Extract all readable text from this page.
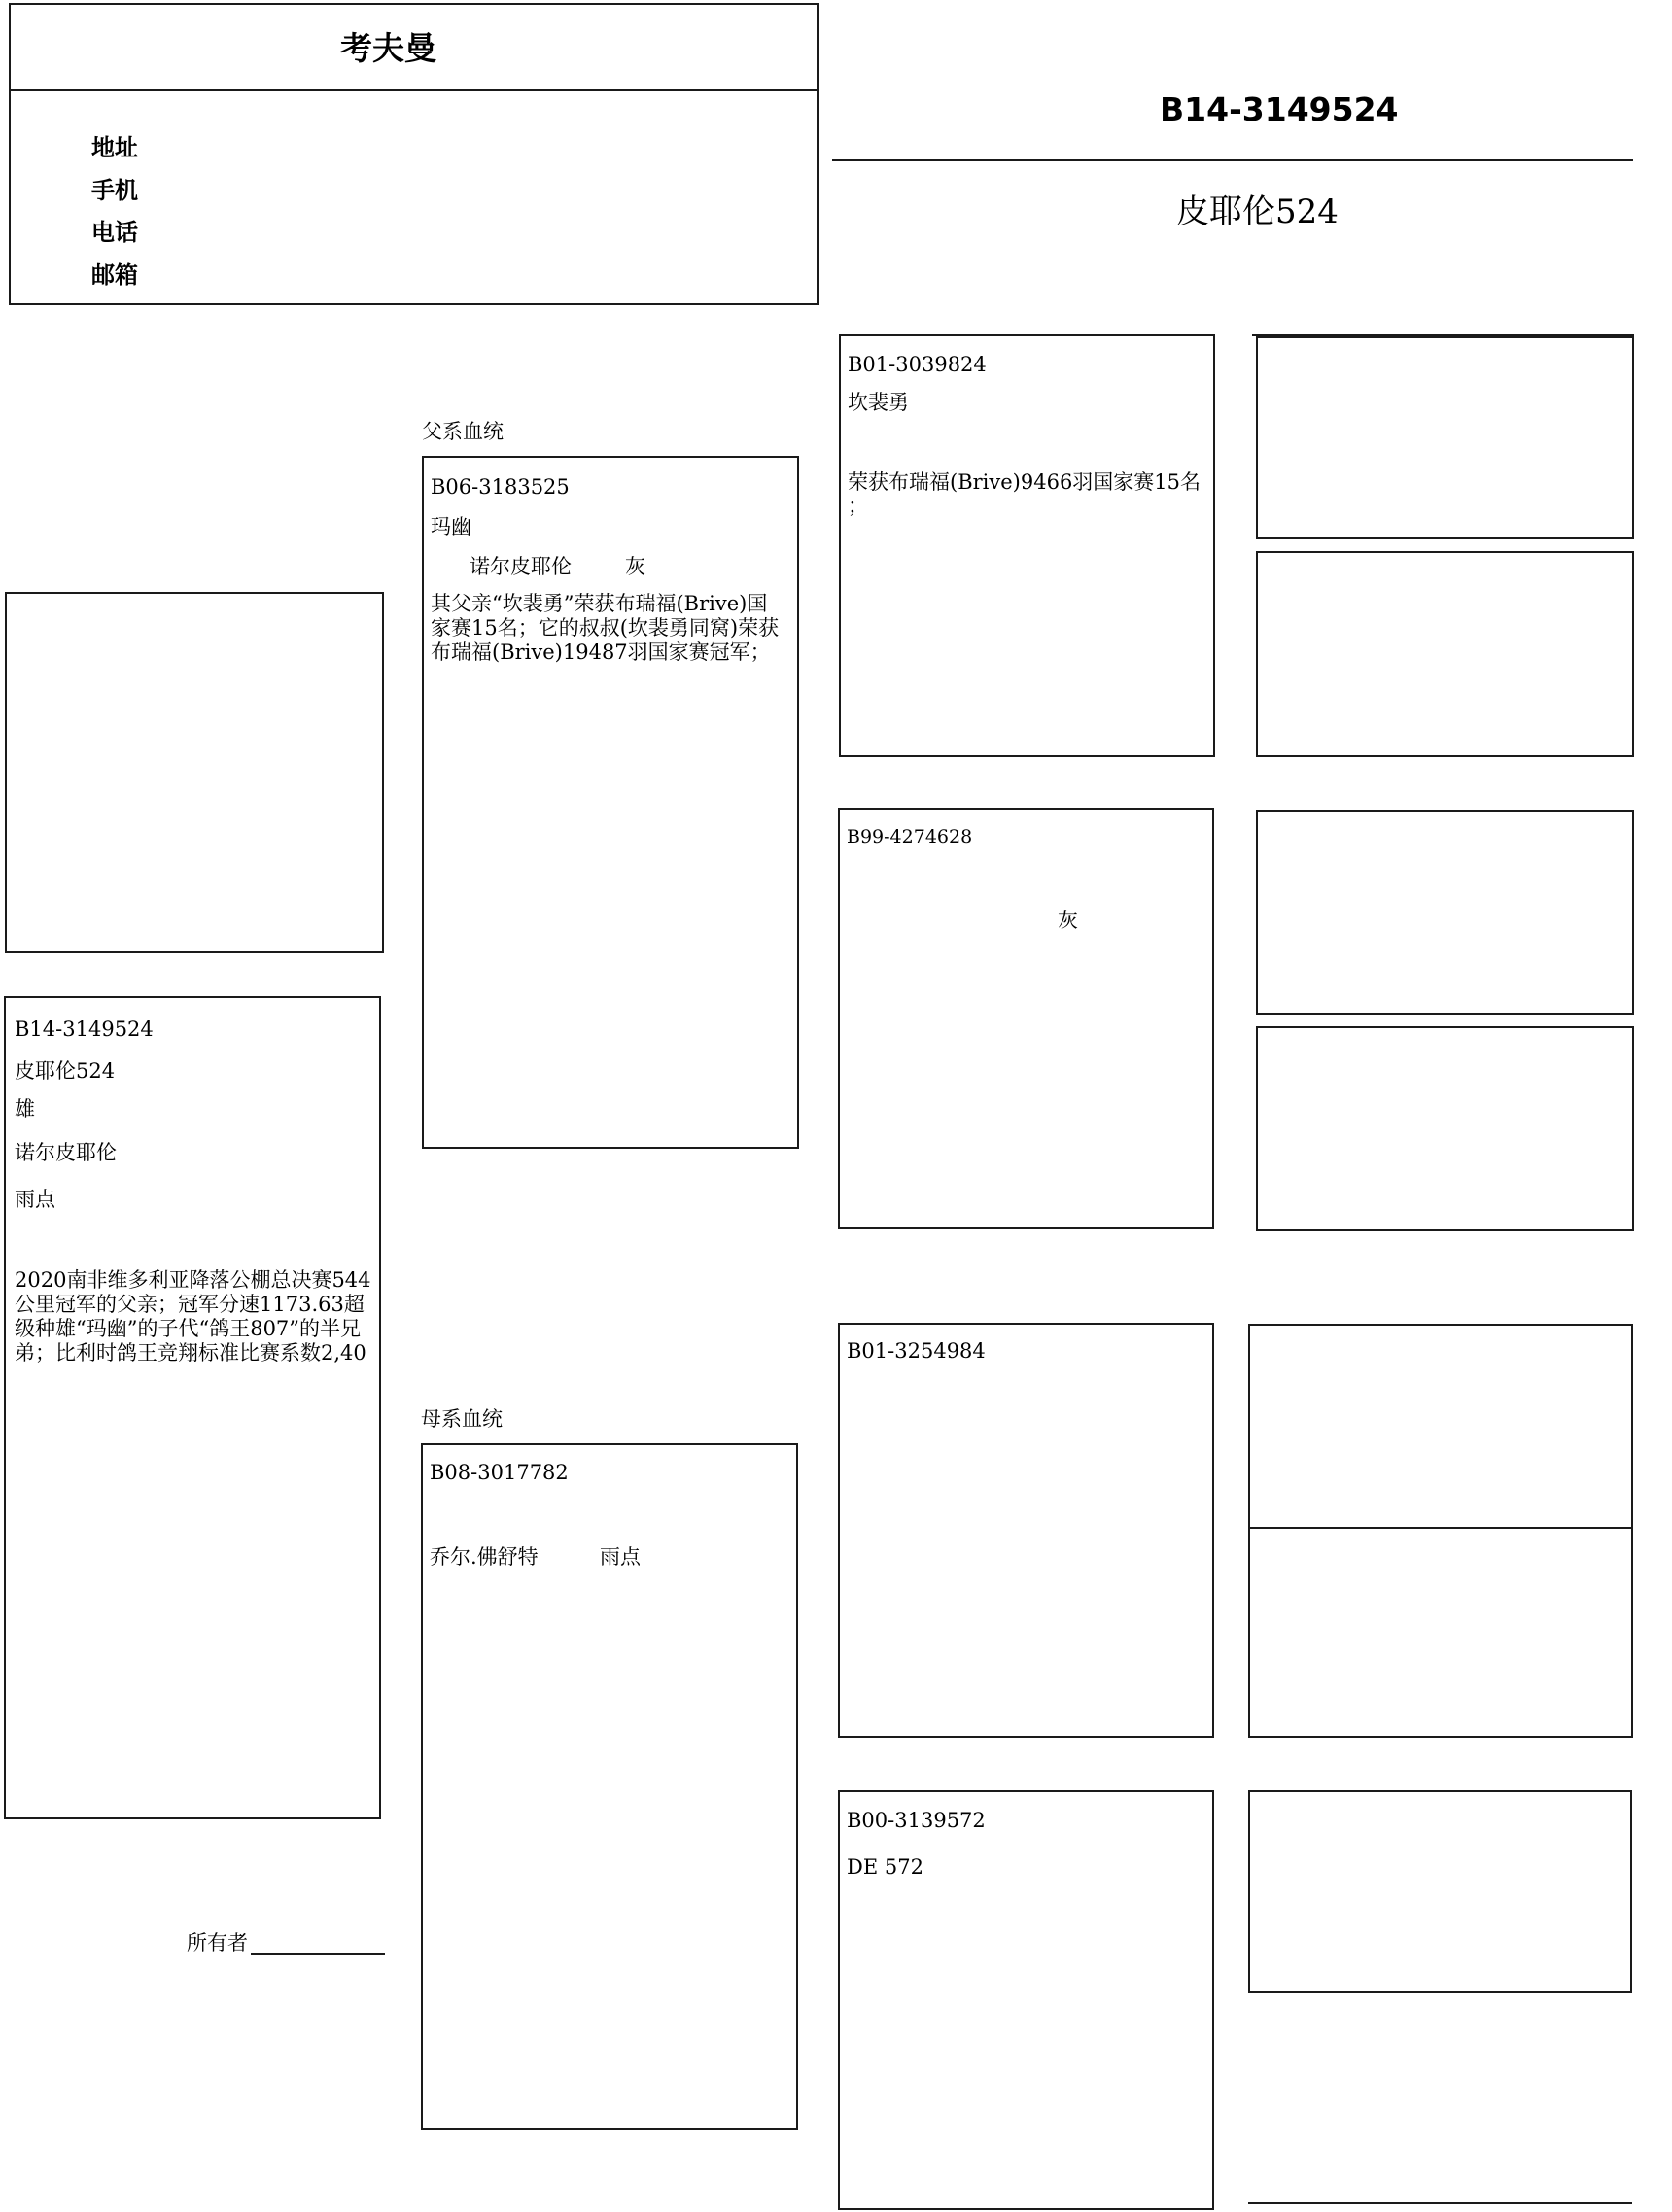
考夫曼
地址
手机
电话
邮箱
B14-3149524
皮耶伦524
B14-3149524
皮耶伦524
雄
诺尔皮耶伦
雨点
2020南非维多利亚降落公棚总决赛544公里冠军的父亲；冠军分速1173.63超级种雄“玛幽”的子代“鸽王807”的半兄弟；比利时鸽王竞翔标准比赛系数2,40
所有者
父系血统
B06-3183525
玛幽
诺尔皮耶伦	灰
其父亲“坎裴勇”荣获布瑞福(Brive)国家赛15名；它的叔叔(坎裴勇同窝)荣获布瑞福(Brive)19487羽国家赛冠军；
母系血统
B08-3017782
乔尔.佛舒特	雨点
B01-3039824
坎裴勇
荣获布瑞福(Brive)9466羽国家赛15名 ；
B99-4274628
灰
B01-3254984
B00-3139572
DE 572
